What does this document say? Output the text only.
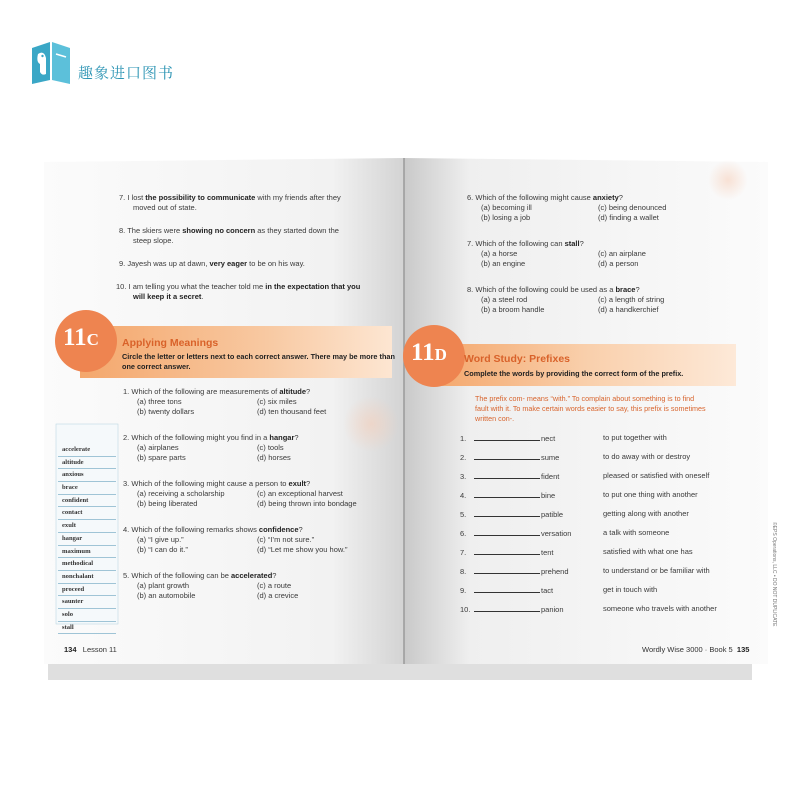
趣象进口图书
7. I lost the possibility to communicate with my friends after they
moved out of state.
8. The skiers were showing no concern as they started down the
steep slope.
9. Jayesh was up at dawn, very eager to be on his way.
10. I am telling you what the teacher told me in the expectation that you
will keep it a secret.
11C Applying Meanings
Circle the letter or letters next to each correct answer. There may be more than
one correct answer.
1. Which of the following are measurements of altitude?
(a) three tons
(b) twenty dollars
(c) six miles
(d) ten thousand feet
2. Which of the following might you find in a hangar?
(a) airplanes
(b) spare parts
(c) tools
(d) horses
3. Which of the following might cause a person to exult?
(a) receiving a scholarship
(b) being liberated
(c) an exceptional harvest
(d) being thrown into bondage
4. Which of the following remarks shows confidence?
(a) “I give up.”
(b) “I can do it.”
(c) “I’m not sure.”
(d) “Let me show you how.”
5. Which of the following can be accelerated?
(a) plant growth
(b) an automobile
(c) a route
(d) a crevice
accelerate
altitude
anxious
brace
confident
contact
exult
hangar
maximum
methodical
nonchalant
proceed
saunter
solo
stall
134 Lesson 11
6. Which of the following might cause anxiety?
(a) becoming ill
(b) losing a job
(c) being denounced
(d) finding a wallet
7. Which of the following can stall?
(a) a horse
(b) an engine
(c) an airplane
(d) a person
8. Which of the following could be used as a brace?
(a) a steel rod
(b) a broom handle
(c) a length of string
(d) a handkerchief
11D Word Study: Prefixes
Complete the words by providing the correct form of the prefix.
The prefix com- means “with.” To complain about something is to find
fault with it. To make certain words easier to say, this prefix is sometimes
written con-.
1.	nect	to put together with
2.	sume	to do away with or destroy
3.	fident	pleased or satisfied with oneself
4.	bine	to put one thing with another
5.	patible	getting along with another
6.	versation	a talk with someone
7.	tent	satisfied with what one has
8.	prehend	to understand or be familiar with
9.	tact	get in touch with
10.	panion	someone who travels with another
Wordly Wise 3000 · Book 5 135
©EPS Operations, LLC • DO NOT DUPLICATE
